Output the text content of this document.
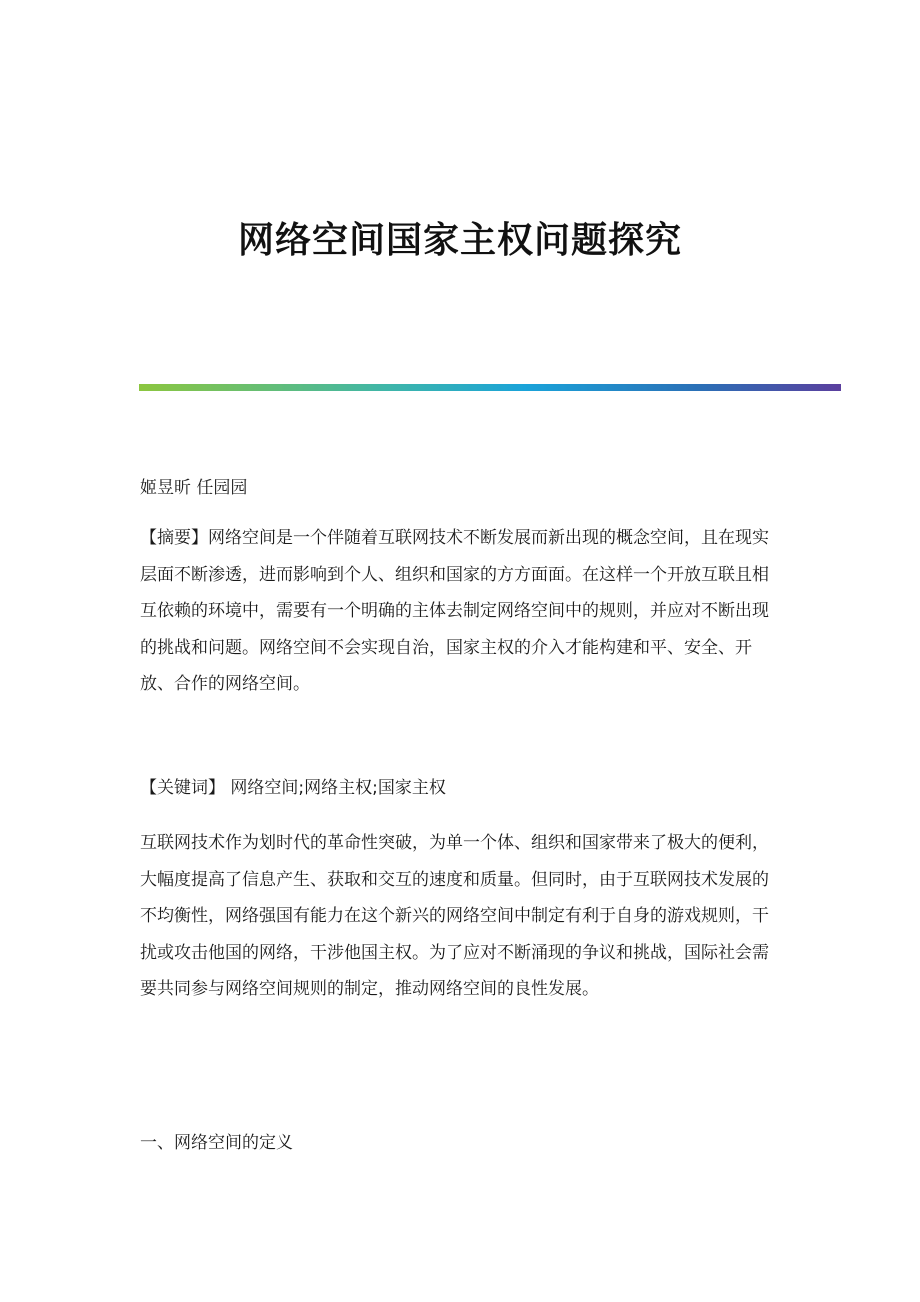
网络空间国家主权问题探究

姬昱昕 任园园

【摘要】网络空间是一个伴随着互联网技术不断发展而新出现的概念空间，且在现实层面不断渗透，进而影响到个人、组织和国家的方方面面。在这样一个开放互联且相互依赖的环境中，需要有一个明确的主体去制定网络空间中的规则，并应对不断出现的挑战和问题。网络空间不会实现自治，国家主权的介入才能构建和平、安全、开放、合作的网络空间。

【关键词】 网络空间;网络主权;国家主权

互联网技术作为划时代的革命性突破，为单一个体、组织和国家带来了极大的便利，大幅度提高了信息产生、获取和交互的速度和质量。但同时，由于互联网技术发展的不均衡性，网络强国有能力在这个新兴的网络空间中制定有利于自身的游戏规则，干扰或攻击他国的网络，干涉他国主权。为了应对不断涌现的争议和挑战，国际社会需要共同参与网络空间规则的制定，推动网络空间的良性发展。

一、网络空间的定义
